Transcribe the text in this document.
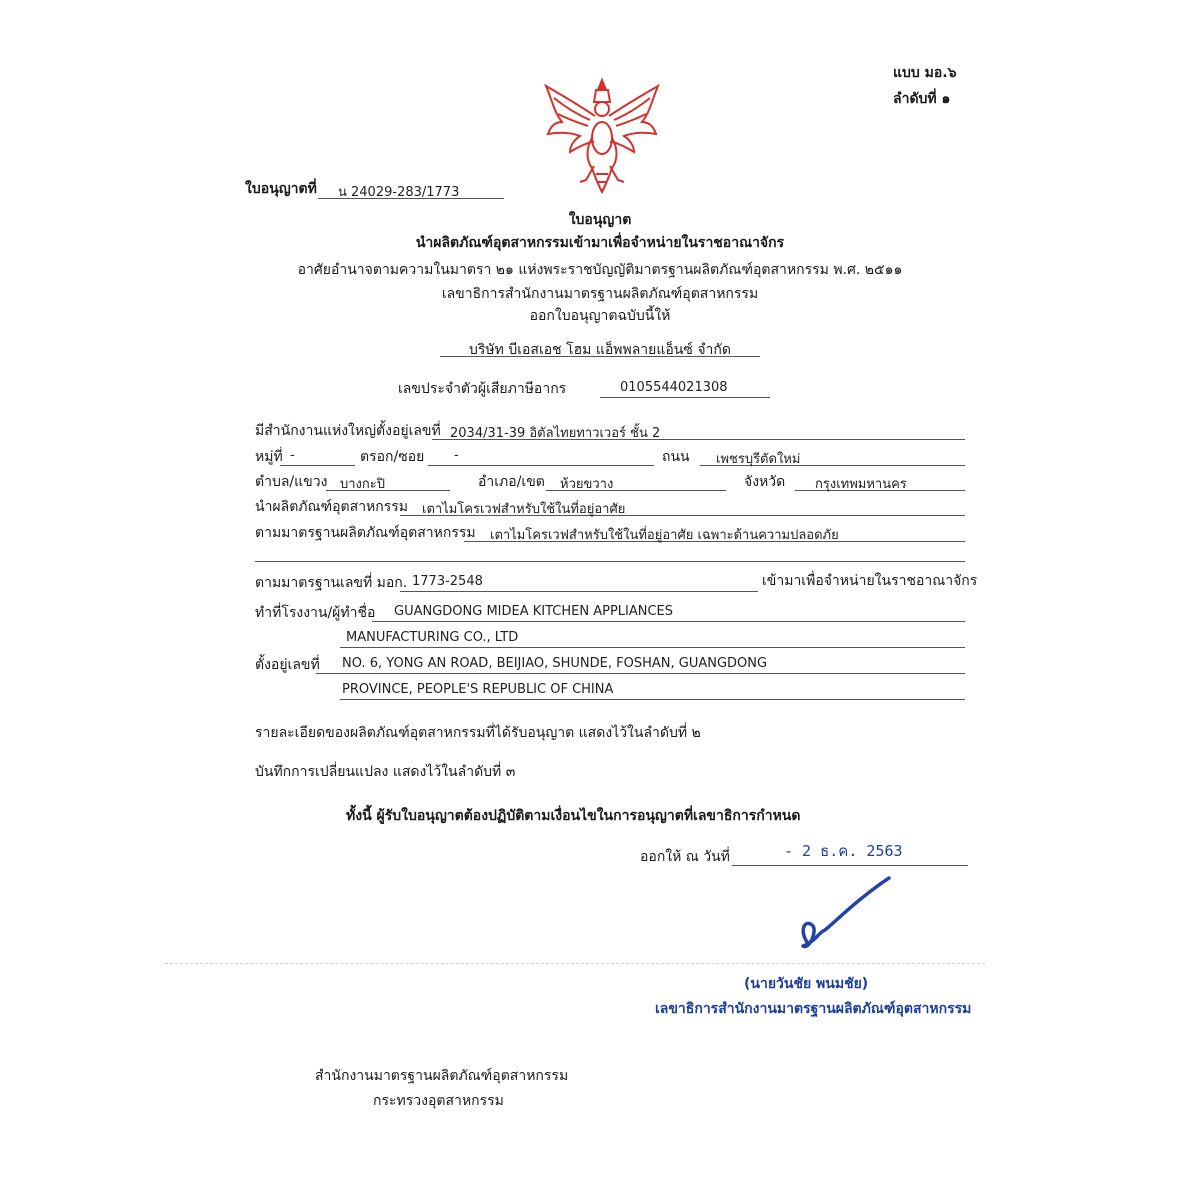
แบบ มอ.๖
ลำดับที่ ๑
ใบอนุญาตที่ น 24029-283/1773
ใบอนุญาต
นำผลิตภัณฑ์อุตสาหกรรมเข้ามาเพื่อจำหน่ายในราชอาณาจักร
อาศัยอำนาจตามความในมาตรา ๒๑ แห่งพระราชบัญญัติมาตรฐานผลิตภัณฑ์อุตสาหกรรม พ.ศ. ๒๕๑๑
เลขาธิการสำนักงานมาตรฐานผลิตภัณฑ์อุตสาหกรรม
ออกใบอนุญาตฉบับนี้ให้
บริษัท บีเอสเอช โฮม แอ็พพลายแอ็นซ์ จำกัด
เลขประจำตัวผู้เสียภาษีอากร	0105544021308
มีสำนักงานแห่งใหญ่ตั้งอยู่เลขที่ 2034/31-39 อิตัลไทยทาวเวอร์ ชั้น 2
หมู่ที่ -	ตรอก/ซอย -	ถนน เพชรบุรีตัดใหม่
ตำบล/แขวง บางกะปิ	อำเภอ/เขต ห้วยขวาง	จังหวัด กรุงเทพมหานคร
นำผลิตภัณฑ์อุตสาหกรรม เตาไมโครเวฟสำหรับใช้ในที่อยู่อาศัย
ตามมาตรฐานผลิตภัณฑ์อุตสาหกรรม เตาไมโครเวฟสำหรับใช้ในที่อยู่อาศัย เฉพาะด้านความปลอดภัย
ตามมาตรฐานเลขที่ มอก. 1773-2548	เข้ามาเพื่อจำหน่ายในราชอาณาจักร
ทำที่โรงงาน/ผู้ทำชื่อ GUANGDONG MIDEA KITCHEN APPLIANCES
MANUFACTURING CO., LTD
ตั้งอยู่เลขที่ NO. 6, YONG AN ROAD, BEIJIAO, SHUNDE, FOSHAN, GUANGDONG
PROVINCE, PEOPLE'S REPUBLIC OF CHINA
รายละเอียดของผลิตภัณฑ์อุตสาหกรรมที่ได้รับอนุญาต แสดงไว้ในลำดับที่ ๒
บันทึกการเปลี่ยนแปลง แสดงไว้ในลำดับที่ ๓
ทั้งนี้ ผู้รับใบอนุญาตต้องปฏิบัติตามเงื่อนไขในการอนุญาตที่เลขาธิการกำหนด
ออกให้ ณ วันที่	- 2 ธ.ค. 2563
(นายวันชัย พนมชัย)
เลขาธิการสำนักงานมาตรฐานผลิตภัณฑ์อุตสาหกรรม
สำนักงานมาตรฐานผลิตภัณฑ์อุตสาหกรรม
กระทรวงอุตสาหกรรม
